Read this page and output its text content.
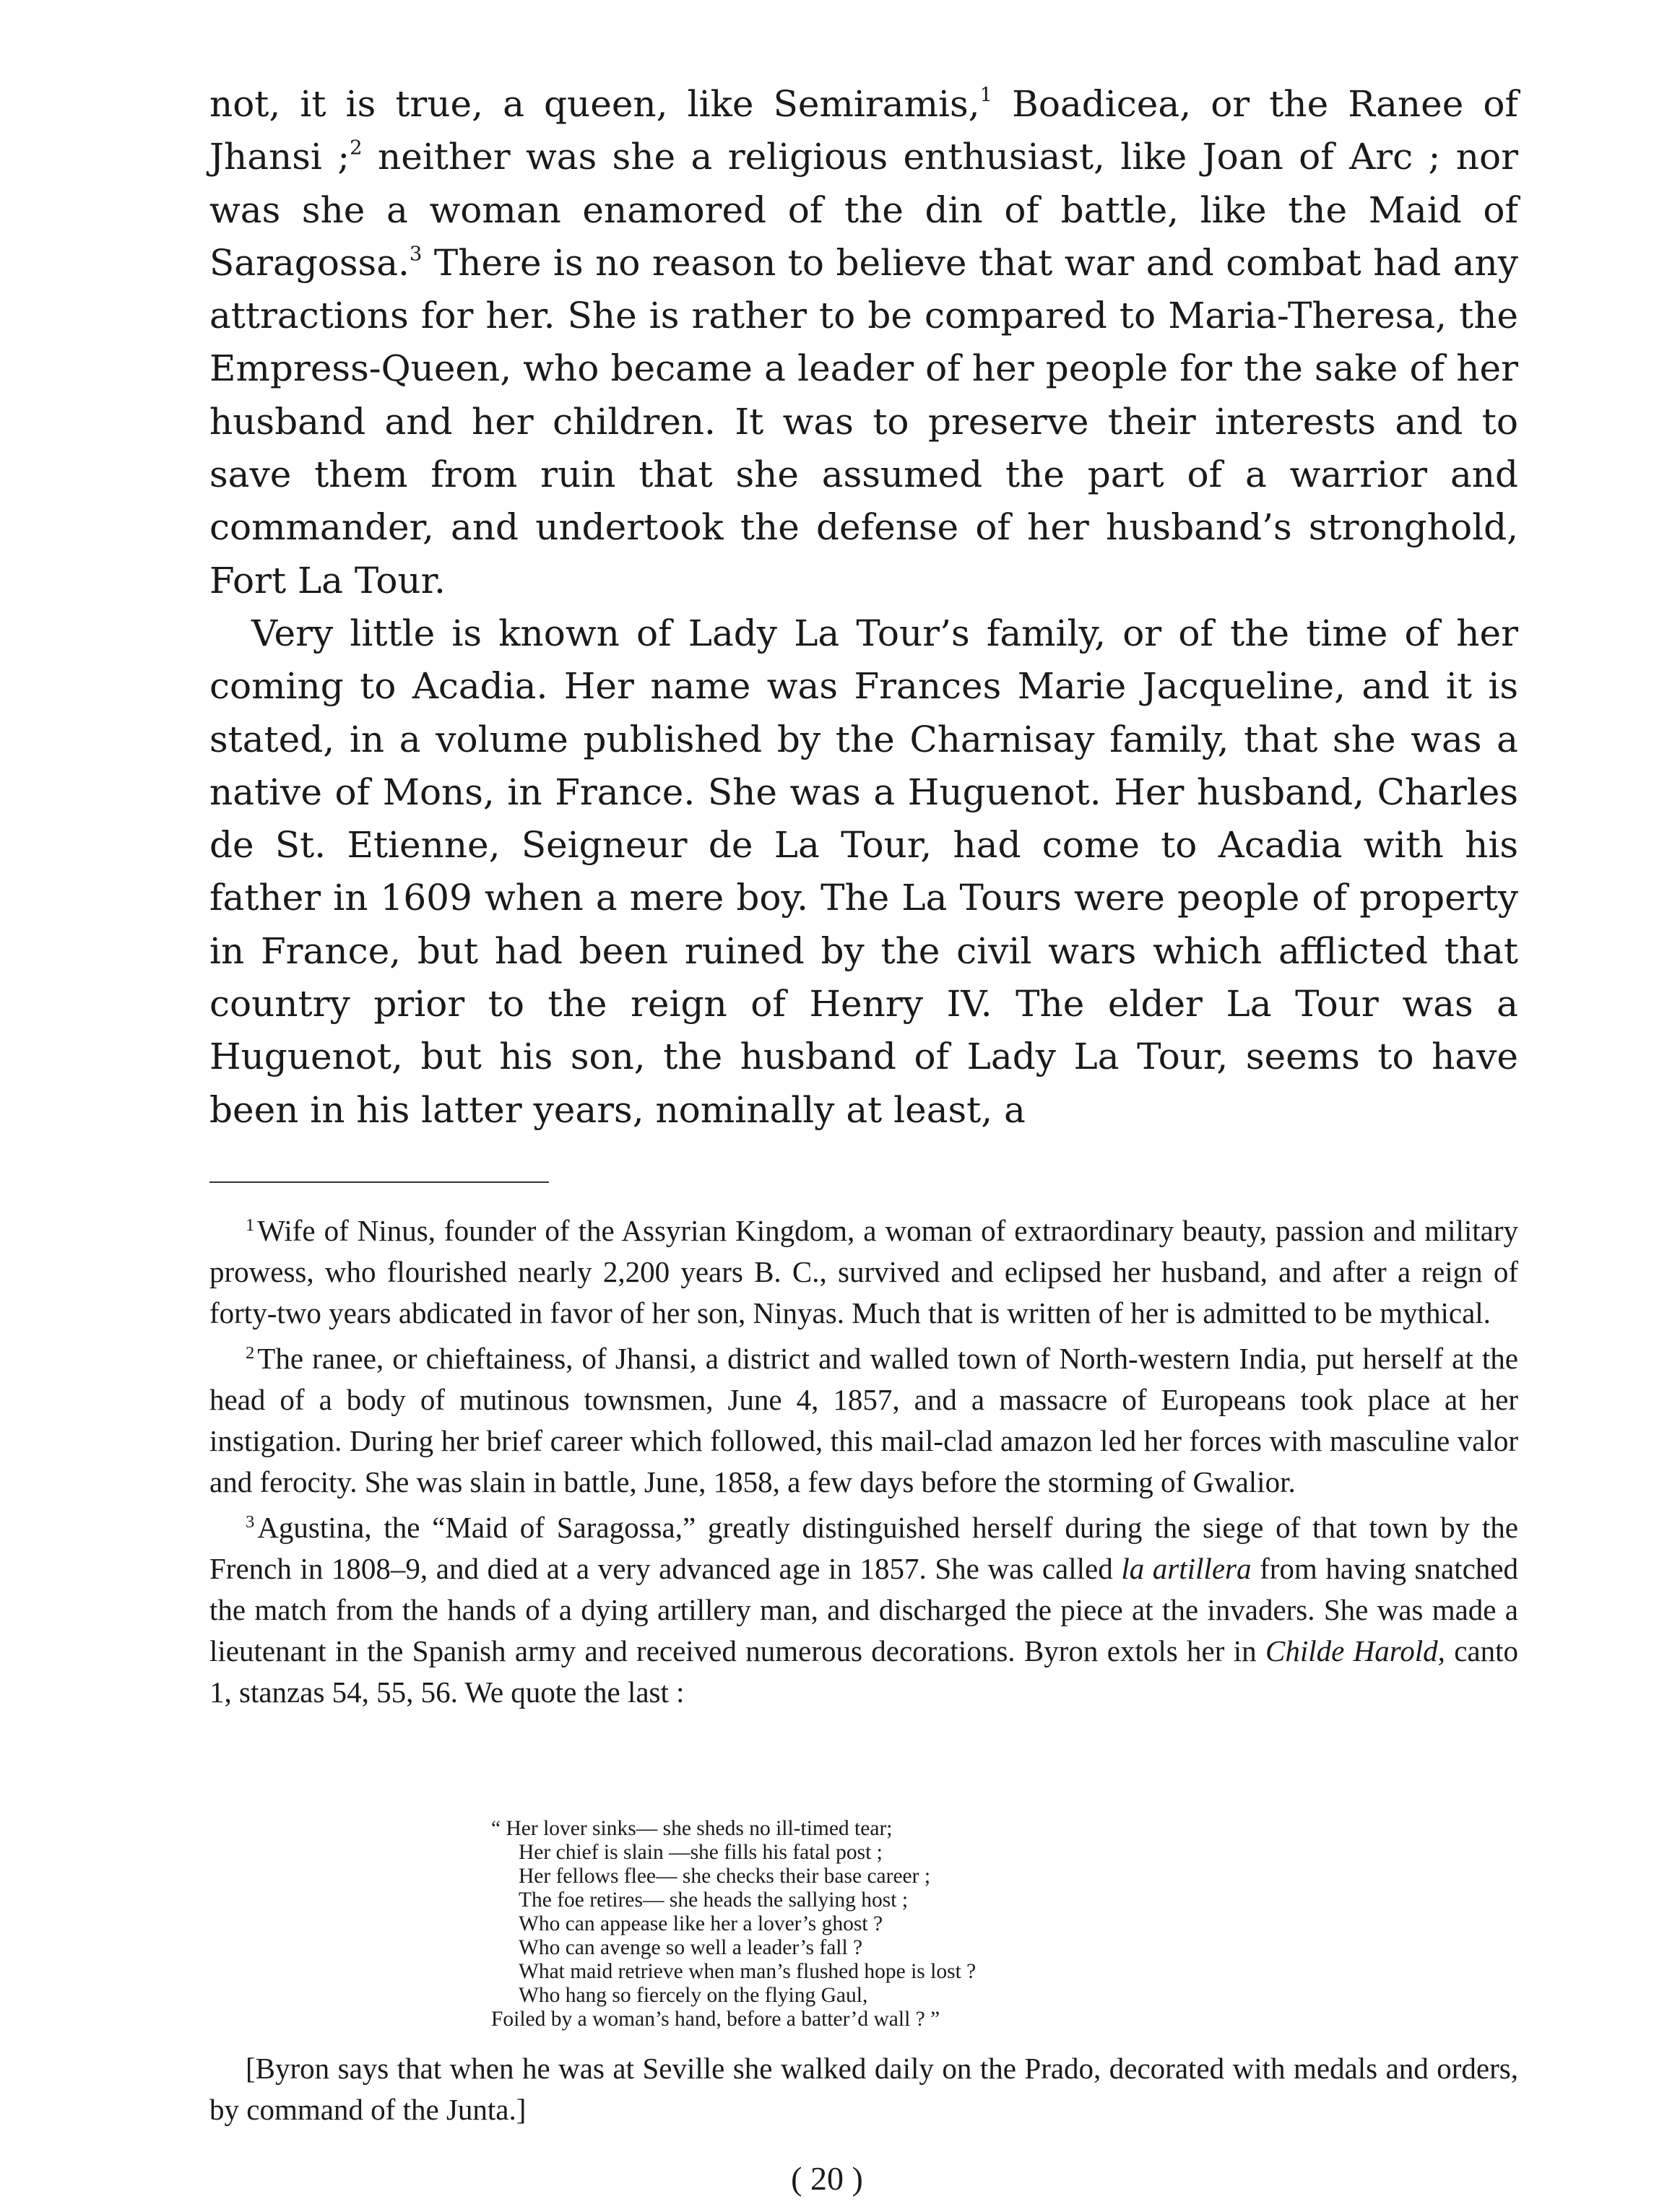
not, it is true, a queen, like Semiramis,$^1$ Boadicea, or the Ranee of Jhansi ;$^2$ neither was she a religious enthusiast, like Joan of Arc ; nor was she a woman enamored of the din of battle, like the Maid of Saragossa.$^3$ There is no reason to believe that war and combat had any attractions for her. She is rather to be compared to Maria-Theresa, the Empress-Queen, who became a leader of her people for the sake of her husband and her children. It was to preserve their interests and to save them from ruin that she assumed the part of a warrior and commander, and undertook the defense of her husband’s stronghold, Fort La Tour.

Very little is known of Lady La Tour’s family, or of the time of her coming to Acadia. Her name was Frances Marie Jacqueline, and it is stated, in a volume published by the Charnisay family, that she was a native of Mons, in France. She was a Huguenot. Her husband, Charles de St. Etienne, Seigneur de La Tour, had come to Acadia with his father in 1609 when a mere boy. The La Tours were people of property in France, but had been ruined by the civil wars which afflicted that country prior to the reign of Henry IV. The elder La Tour was a Huguenot, but his son, the husband of Lady La Tour, seems to have been in his latter years, nominally at least, a

$^1$Wife of Ninus, founder of the Assyrian Kingdom, a woman of extraordinary beauty, passion and military prowess, who flourished nearly 2,200 years B. C., survived and eclipsed her husband, and after a reign of forty-two years abdicated in favor of her son, Ninyas. Much that is written of her is admitted to be mythical.

$^2$The ranee, or chieftainess, of Jhansi, a district and walled town of North-western India, put herself at the head of a body of mutinous townsmen, June 4, 1857, and a massacre of Europeans took place at her instigation. During her brief career which followed, this mail-clad amazon led her forces with masculine valor and ferocity. She was slain in battle, June, 1858, a few days before the storming of Gwalior.

$^3$Agustina, the “Maid of Saragossa,” greatly distinguished herself during the siege of that town by the French in 1808–9, and died at a very advanced age in 1857. She was called la artillera from having snatched the match from the hands of a dying artillery man, and discharged the piece at the invaders. She was made a lieutenant in the Spanish army and received numerous decorations. Byron extols her in Childe Harold, canto 1, stanzas 54, 55, 56. We quote the last :

“ Her lover sinks— she sheds no ill-timed tear;
Her chief is slain —she fills his fatal post ;
Her fellows flee— she checks their base career ;
The foe retires— she heads the sallying host ;
Who can appease like her a lover’s ghost ?
Who can avenge so well a leader’s fall ?
What maid retrieve when man’s flushed hope is lost ?
Who hang so fiercely on the flying Gaul,
Foiled by a woman’s hand, before a batter’d wall ? ”

[Byron says that when he was at Seville she walked daily on the Prado, decorated with medals and orders, by command of the Junta.]

( 20 )
